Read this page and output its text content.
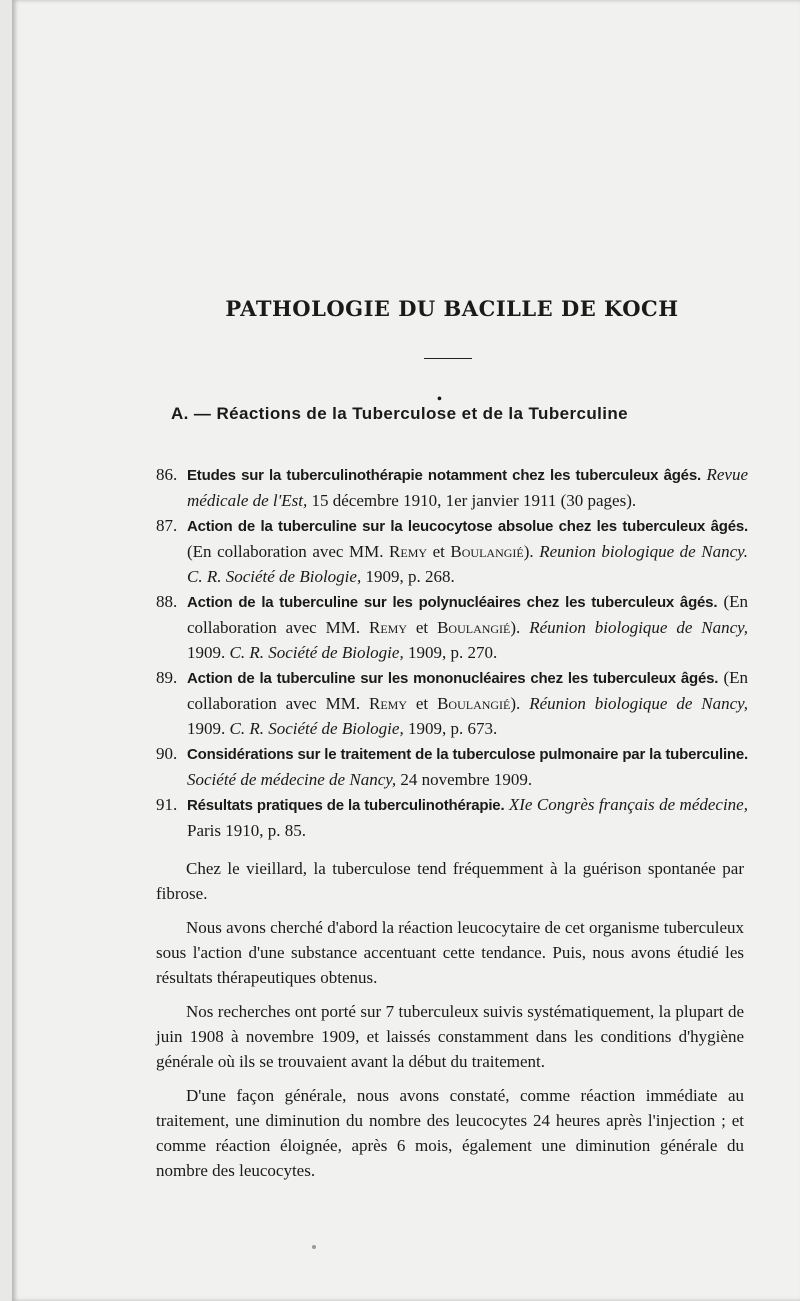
PATHOLOGIE DU BACILLE DE KOCH
•
A. — Réactions de la Tuberculose et de la Tuberculine
86. Etudes sur la tuberculinothérapie notamment chez les tuberculeux âgés. Revue médicale de l'Est, 15 décembre 1910, 1er janvier 1911 (30 pages).
87. Action de la tuberculine sur la leucocytose absolue chez les tuberculeux âgés. (En collaboration avec MM. Remy et Boulangié). Reunion biologique de Nancy. C. R. Société de Biologie, 1909, p. 268.
88. Action de la tuberculine sur les polynucléaires chez les tuberculeux âgés. (En collaboration avec MM. Remy et Boulangié). Réunion biologique de Nancy, 1909. C. R. Société de Biologie, 1909, p. 270.
89. Action de la tuberculine sur les mononucléaires chez les tuberculeux âgés. (En collaboration avec MM. Remy et Boulangié). Réunion biologique de Nancy, 1909. C. R. Société de Biologie, 1909, p. 673.
90. Considérations sur le traitement de la tuberculose pulmonaire par la tuberculine. Société de médecine de Nancy, 24 novembre 1909.
91. Résultats pratiques de la tuberculinothérapie. XIe Congrès français de médecine, Paris 1910, p. 85.

Chez le vieillard, la tuberculose tend fréquemment à la guérison spontanée par fibrose.

Nous avons cherché d'abord la réaction leucocytaire de cet organisme tuberculeux sous l'action d'une substance accentuant cette tendance. Puis, nous avons étudié les résultats thérapeutiques obtenus.

Nos recherches ont porté sur 7 tuberculeux suivis systématiquement, la plupart de juin 1908 à novembre 1909, et laissés constamment dans les conditions d'hygiène générale où ils se trouvaient avant la début du traitement.

D'une façon générale, nous avons constaté, comme réaction immédiate au traitement, une diminution du nombre des leucocytes 24 heures après l'injection ; et comme réaction éloignée, après 6 mois, également une diminution générale du nombre des leucocytes.
